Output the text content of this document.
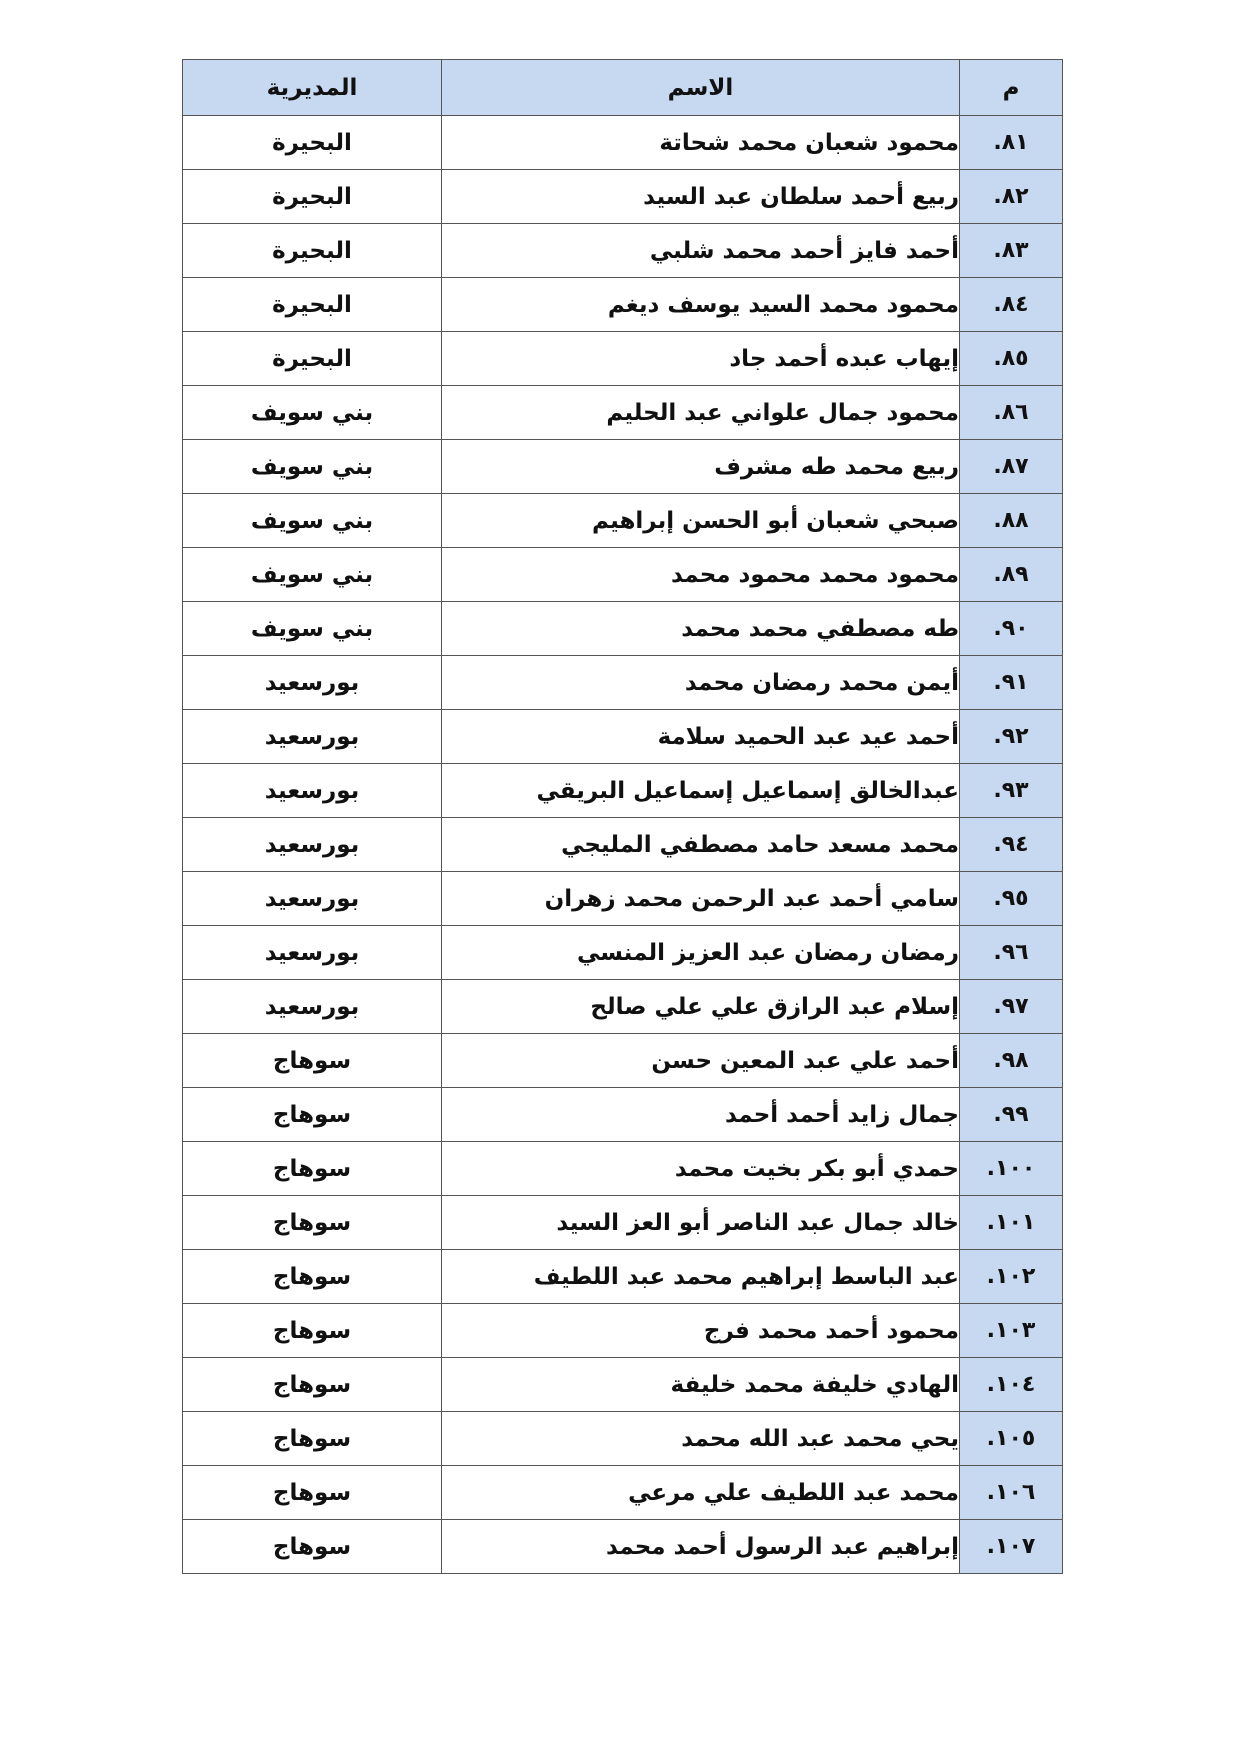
م	الاسم	المديرية
٨١.	محمود شعبان محمد شحاتة	البحيرة
٨٢.	ربيع أحمد سلطان عبد السيد	البحيرة
٨٣.	أحمد فايز أحمد محمد شلبي	البحيرة
٨٤.	محمود محمد السيد يوسف ديغم	البحيرة
٨٥.	إيهاب عبده أحمد جاد	البحيرة
٨٦.	محمود جمال علواني عبد الحليم	بني سويف
٨٧.	ربيع محمد طه مشرف	بني سويف
٨٨.	صبحي شعبان أبو الحسن إبراهيم	بني سويف
٨٩.	محمود محمد محمود محمد	بني سويف
٩٠.	طه مصطفي محمد محمد	بني سويف
٩١.	أيمن محمد رمضان محمد	بورسعيد
٩٢.	أحمد عيد عبد الحميد سلامة	بورسعيد
٩٣.	عبدالخالق إسماعيل إسماعيل البريقي	بورسعيد
٩٤.	محمد مسعد حامد مصطفي المليجي	بورسعيد
٩٥.	سامي أحمد عبد الرحمن محمد زهران	بورسعيد
٩٦.	رمضان رمضان عبد العزيز المنسي	بورسعيد
٩٧.	إسلام عبد الرازق علي علي صالح	بورسعيد
٩٨.	أحمد علي عبد المعين حسن	سوهاج
٩٩.	جمال زايد أحمد أحمد	سوهاج
١٠٠.	حمدي أبو بكر بخيت محمد	سوهاج
١٠١.	خالد جمال عبد الناصر أبو العز السيد	سوهاج
١٠٢.	عبد الباسط إبراهيم محمد عبد اللطيف	سوهاج
١٠٣.	محمود أحمد محمد فرج	سوهاج
١٠٤.	الهادي خليفة محمد خليفة	سوهاج
١٠٥.	يحي محمد عبد الله محمد	سوهاج
١٠٦.	محمد عبد اللطيف علي مرعي	سوهاج
١٠٧.	إبراهيم عبد الرسول أحمد محمد	سوهاج
